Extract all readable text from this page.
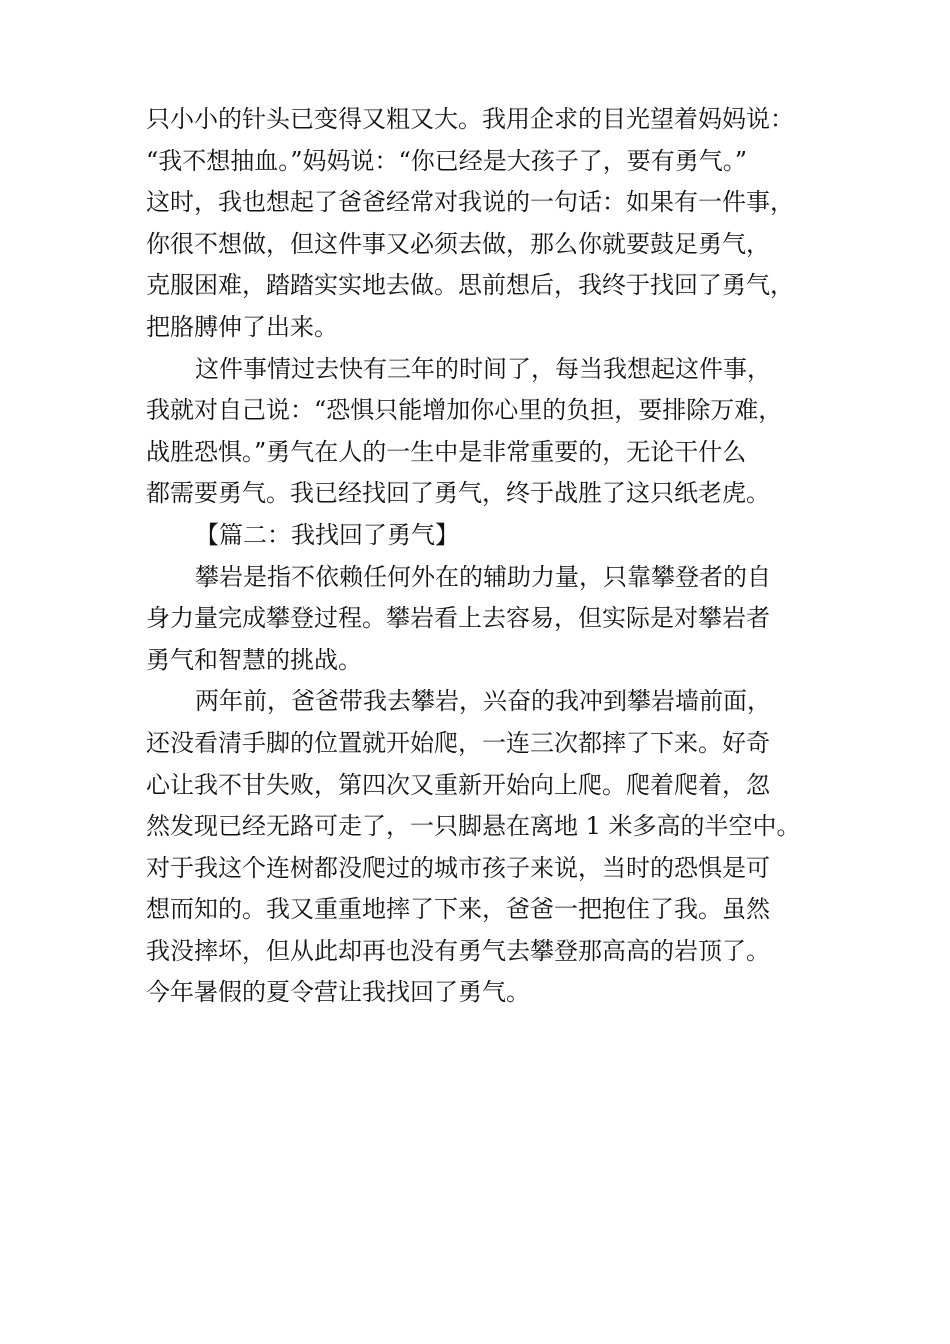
只小小的针头已变得又粗又大。我用企求的目光望着妈妈说：
“我不想抽血。”妈妈说：“你已经是大孩子了，要有勇气。”
这时，我也想起了爸爸经常对我说的一句话：如果有一件事，
你很不想做，但这件事又必须去做，那么你就要鼓足勇气，
克服困难，踏踏实实地去做。思前想后，我终于找回了勇气，
把胳膊伸了出来。
这件事情过去快有三年的时间了，每当我想起这件事，
我就对自己说：“恐惧只能增加你心里的负担，要排除万难，
战胜恐惧。”勇气在人的一生中是非常重要的，无论干什么
都需要勇气。我已经找回了勇气，终于战胜了这只纸老虎。
【篇二：我找回了勇气】
攀岩是指不依赖任何外在的辅助力量，只靠攀登者的自
身力量完成攀登过程。攀岩看上去容易，但实际是对攀岩者
勇气和智慧的挑战。
两年前，爸爸带我去攀岩，兴奋的我冲到攀岩墙前面，
还没看清手脚的位置就开始爬，一连三次都摔了下来。好奇
心让我不甘失败，第四次又重新开始向上爬。爬着爬着，忽
然发现已经无路可走了，一只脚悬在离地 1 米多高的半空中。
对于我这个连树都没爬过的城市孩子来说，当时的恐惧是可
想而知的。我又重重地摔了下来，爸爸一把抱住了我。虽然
我没摔坏，但从此却再也没有勇气去攀登那高高的岩顶了。
今年暑假的夏令营让我找回了勇气。
